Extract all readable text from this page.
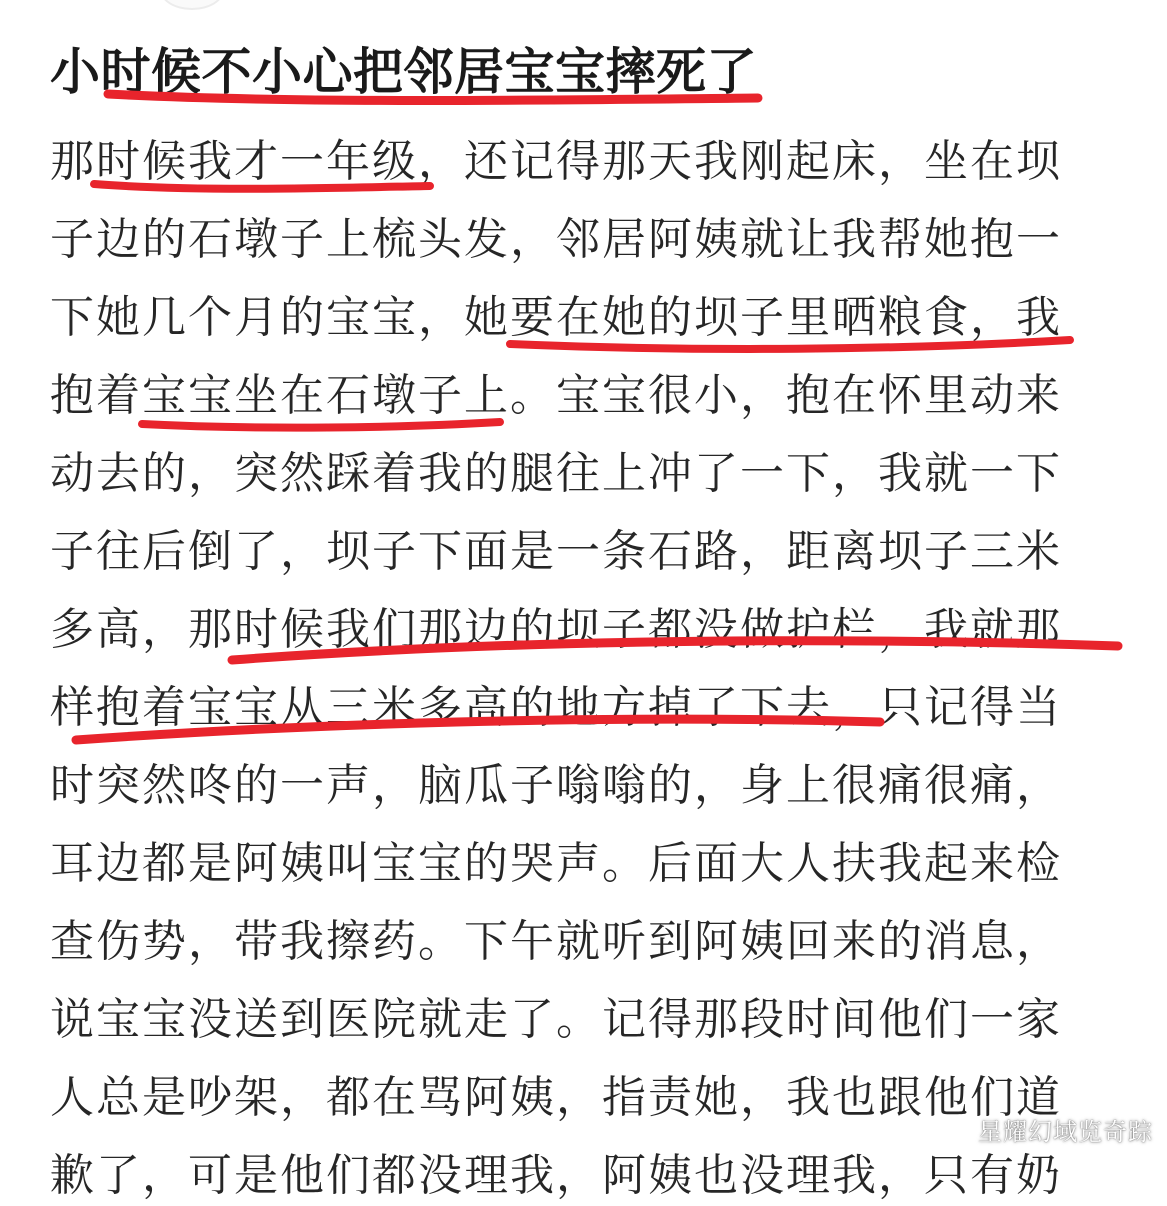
小时候不小心把邻居宝宝摔死了
那时候我才一年级，还记得那天我刚起床，坐在坝
子边的石墩子上梳头发，邻居阿姨就让我帮她抱一
下她几个月的宝宝，她要在她的坝子里晒粮食，我
抱着宝宝坐在石墩子上。宝宝很小，抱在怀里动来
动去的，突然踩着我的腿往上冲了一下，我就一下
子往后倒了，坝子下面是一条石路，距离坝子三米
多高，那时候我们那边的坝子都没做护栏，我就那
样抱着宝宝从三米多高的地方掉了下去，只记得当
时突然咚的一声，脑瓜子嗡嗡的，身上很痛很痛，
耳边都是阿姨叫宝宝的哭声。后面大人扶我起来检
查伤势，带我擦药。下午就听到阿姨回来的消息，
说宝宝没送到医院就走了。记得那段时间他们一家
人总是吵架，都在骂阿姨，指责她，我也跟他们道
歉了，可是他们都没理我，阿姨也没理我，只有奶
星耀幻域览奇踪
